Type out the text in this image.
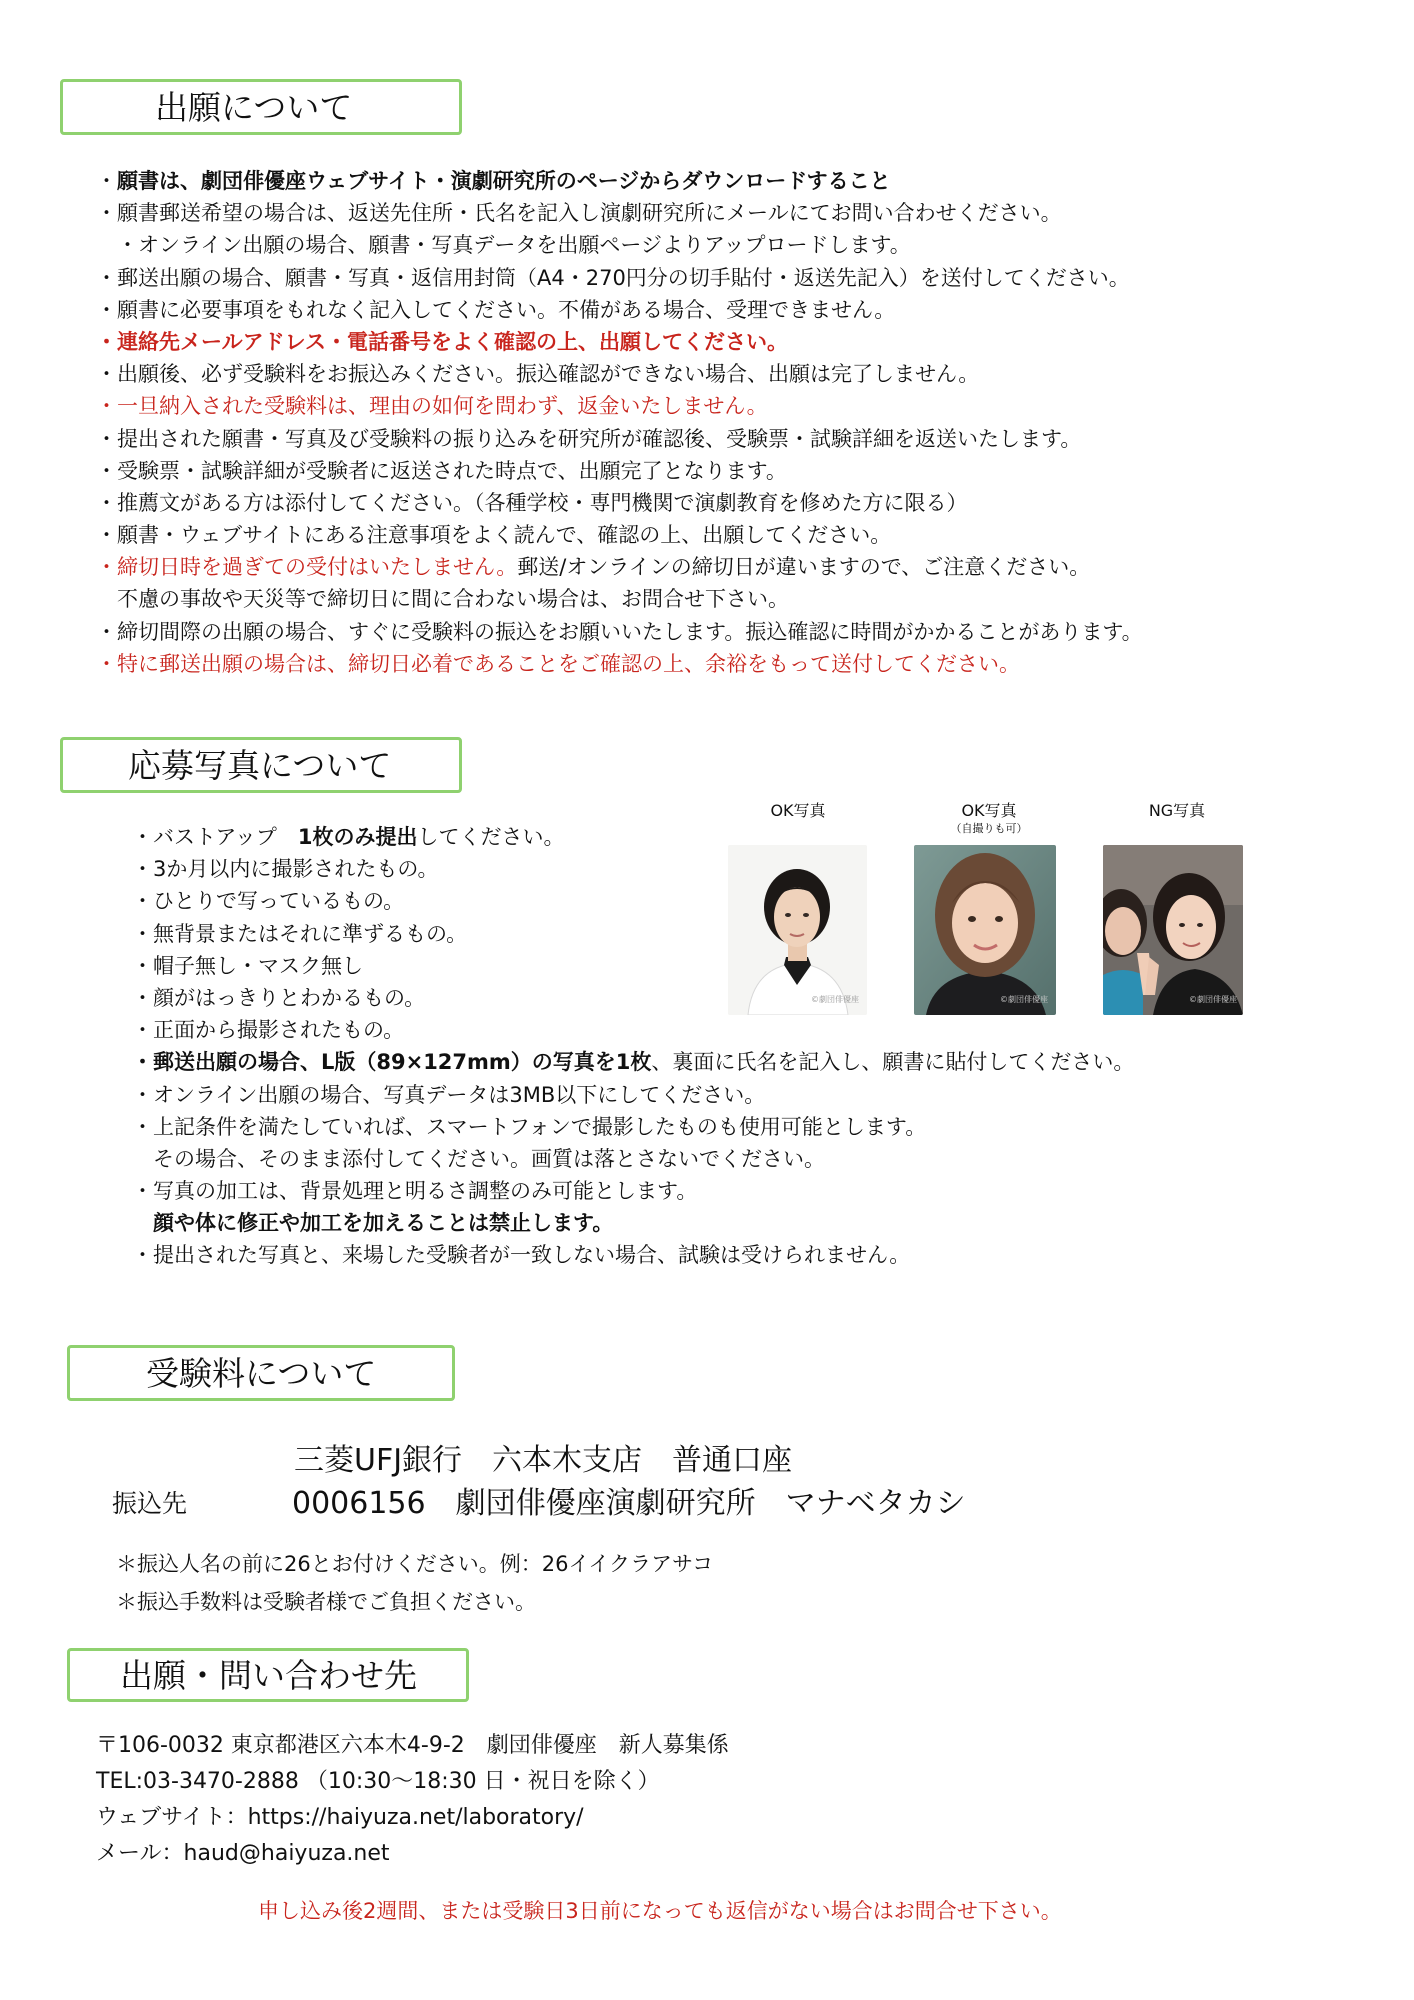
出願について
・願書は、劇団俳優座ウェブサイト・演劇研究所のページからダウンロードすること
・願書郵送希望の場合は、返送先住所・氏名を記入し演劇研究所にメールにてお問い合わせください。
　・オンライン出願の場合、願書・写真データを出願ページよりアップロードします。
・郵送出願の場合、願書・写真・返信用封筒（A4・270円分の切手貼付・返送先記入）を送付してください。
・願書に必要事項をもれなく記入してください。不備がある場合、受理できません。
・連絡先メールアドレス・電話番号をよく確認の上、出願してください。
・出願後、必ず受験料をお振込みください。振込確認ができない場合、出願は完了しません。
・一旦納入された受験料は、理由の如何を問わず、返金いたしません。
・提出された願書・写真及び受験料の振り込みを研究所が確認後、受験票・試験詳細を返送いたします。
・受験票・試験詳細が受験者に返送された時点で、出願完了となります。
・推薦文がある方は添付してください。（各種学校・専門機関で演劇教育を修めた方に限る）
・願書・ウェブサイトにある注意事項をよく読んで、確認の上、出願してください。
・締切日時を過ぎての受付はいたしません。郵送/オンラインの締切日が違いますので、ご注意ください。
　不慮の事故や天災等で締切日に間に合わない場合は、お問合せ下さい。
・締切間際の出願の場合、すぐに受験料の振込をお願いいたします。振込確認に時間がかかることがあります。
・特に郵送出願の場合は、締切日必着であることをご確認の上、余裕をもって送付してください。
応募写真について
・バストアップ　1枚のみ提出してください。
・3か月以内に撮影されたもの。
・ひとりで写っているもの。
・無背景またはそれに準ずるもの。
・帽子無し・マスク無し
・顔がはっきりとわかるもの。
・正面から撮影されたもの。
・郵送出願の場合、L版（89×127mm）の写真を1枚、裏面に氏名を記入し、願書に貼付してください。
・オンライン出願の場合、写真データは3MB以下にしてください。
・上記条件を満たしていれば、スマートフォンで撮影したものも使用可能とします。
　その場合、そのまま添付してください。画質は落とさないでください。
・写真の加工は、背景処理と明るさ調整のみ可能とします。
　顔や体に修正や加工を加えることは禁止します。
・提出された写真と、来場した受験者が一致しない場合、試験は受けられません。
OK写真	OK写真
（自撮りも可）
NG写真
©劇団俳優座	©劇団俳優座	©劇団俳優座
受験料について
三菱UFJ銀行　六本木支店　普通口座
振込先	0006156　劇団俳優座演劇研究所　マナベタカシ
＊振込人名の前に26とお付けください。例：26イイクラアサコ
＊振込手数料は受験者様でご負担ください。
出願・問い合わせ先
〒106-0032 東京都港区六本木4-9-2　劇団俳優座　新人募集係
TEL:03-3470-2888 （10:30～18:30 日・祝日を除く）
ウェブサイト：https://haiyuza.net/laboratory/
メール：haud@haiyuza.net
申し込み後2週間、または受験日3日前になっても返信がない場合はお問合せ下さい。
